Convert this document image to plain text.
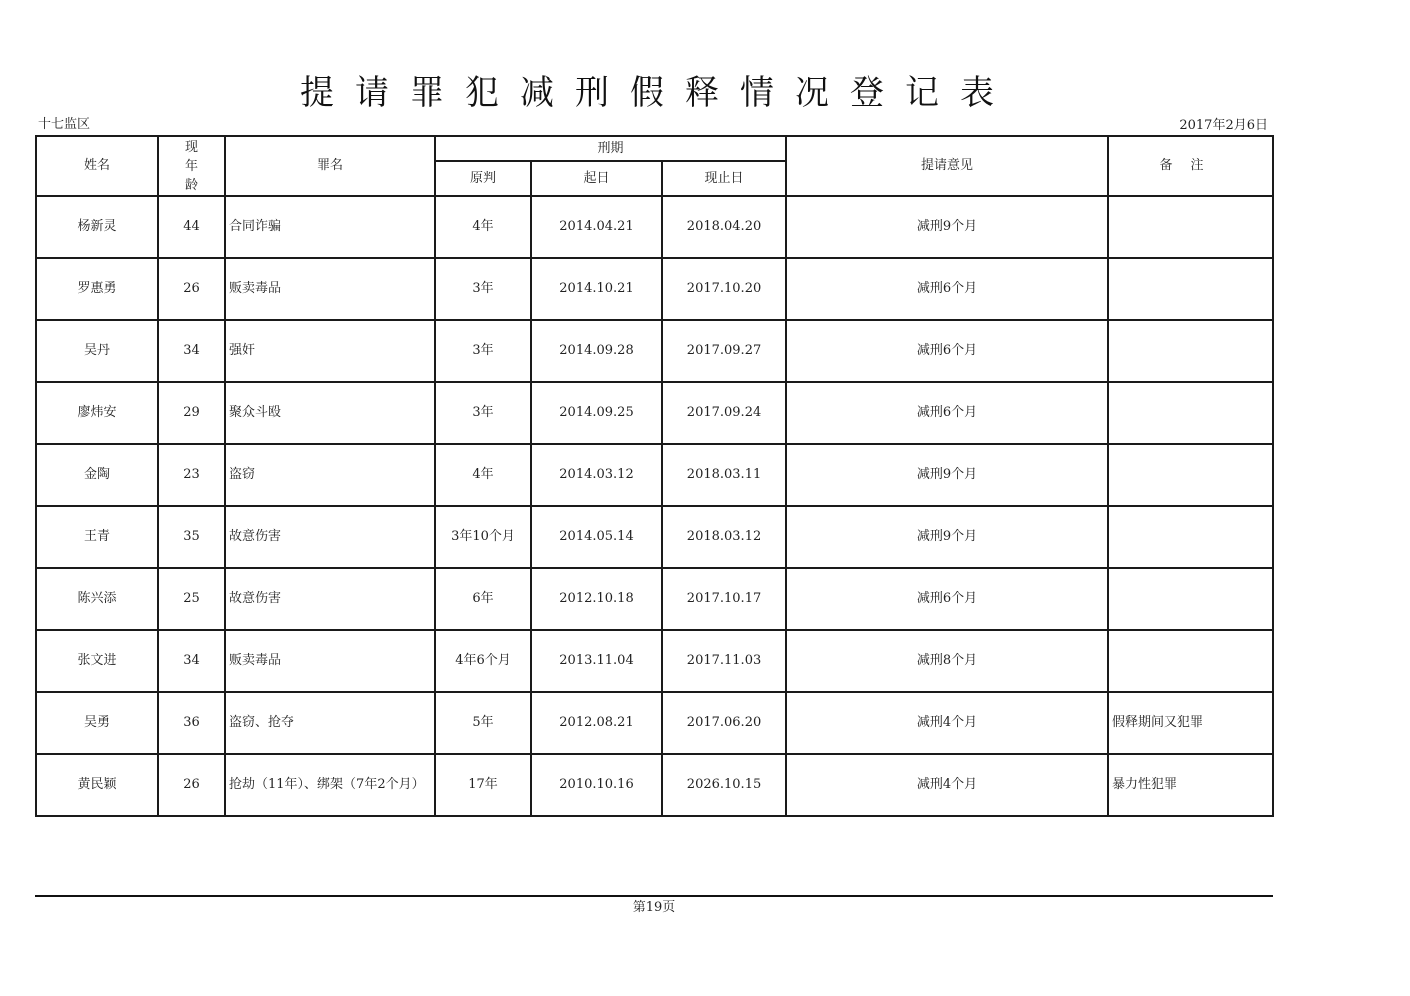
提请罪犯减刑假释情况登记表
十七监区	2017年2月6日
姓名	现年龄	罪名	刑期			提请意见	备注
			原判	起日	现止日		
杨新灵	44	合同诈骗	4年	2014.04.21	2018.04.20	减刑9个月	
罗惠勇	26	贩卖毒品	3年	2014.10.21	2017.10.20	减刑6个月	
吴丹	34	强奸	3年	2014.09.28	2017.09.27	减刑6个月	
廖炜安	29	聚众斗殴	3年	2014.09.25	2017.09.24	减刑6个月	
金陶	23	盗窃	4年	2014.03.12	2018.03.11	减刑9个月	
王青	35	故意伤害	3年10个月	2014.05.14	2018.03.12	减刑9个月	
陈兴添	25	故意伤害	6年	2012.10.18	2017.10.17	减刑6个月	
张文进	34	贩卖毒品	4年6个月	2013.11.04	2017.11.03	减刑8个月	
吴勇	36	盗窃、抢夺	5年	2012.08.21	2017.06.20	减刑4个月	假释期间又犯罪
黄民颖	26	抢劫（11年）、绑架（7年2个月）	17年	2010.10.16	2026.10.15	减刑4个月	暴力性犯罪
第19页
